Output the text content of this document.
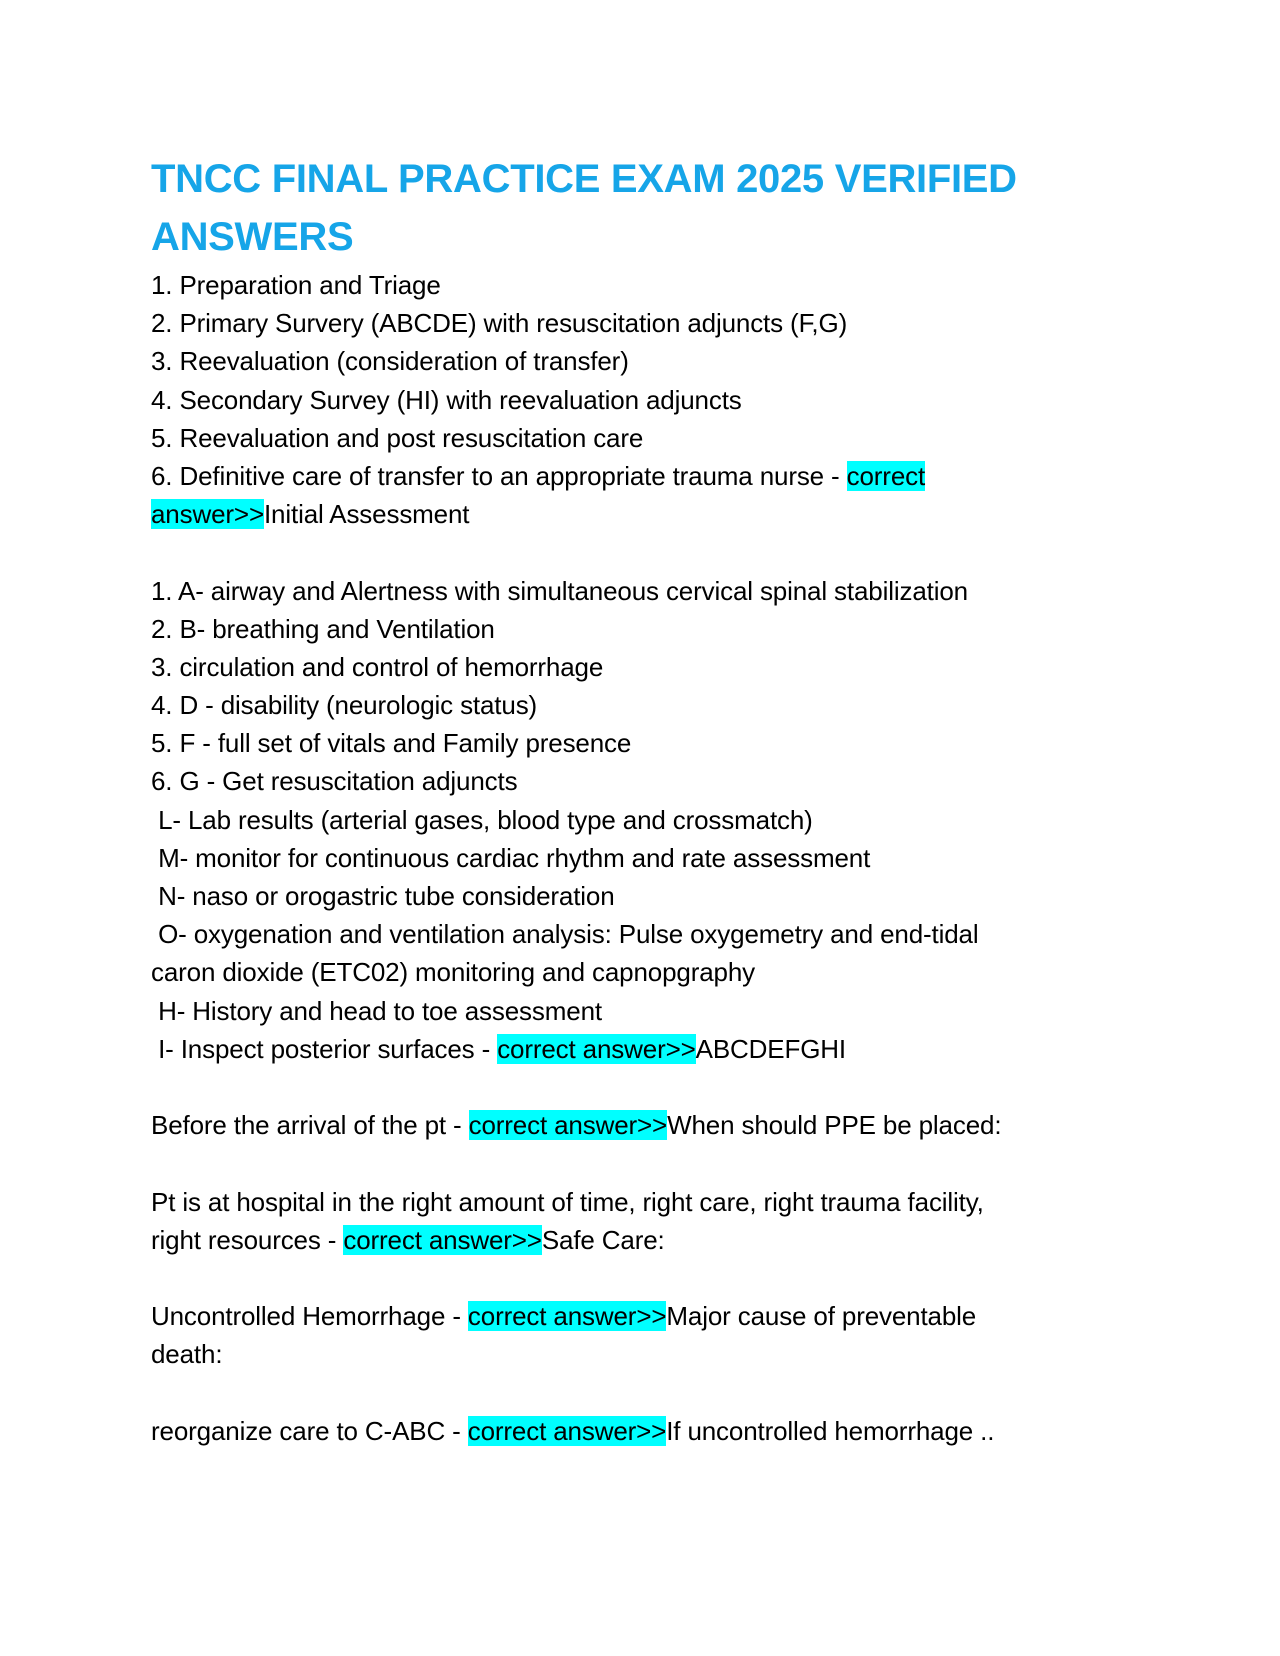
TNCC FINAL PRACTICE EXAM 2025 VERIFIED
ANSWERS
1. Preparation and Triage
2. Primary Survery (ABCDE) with resuscitation adjuncts (F,G)
3. Reevaluation (consideration of transfer)
4. Secondary Survey (HI) with reevaluation adjuncts
5. Reevaluation and post resuscitation care
6. Definitive care of transfer to an appropriate trauma nurse - correct
answer>>Initial Assessment
1. A- airway and Alertness with simultaneous cervical spinal stabilization
2. B- breathing and Ventilation
3. circulation and control of hemorrhage
4. D - disability (neurologic status)
5. F - full set of vitals and Family presence
6. G - Get resuscitation adjuncts
L- Lab results (arterial gases, blood type and crossmatch)
M- monitor for continuous cardiac rhythm and rate assessment
N- naso or orogastric tube consideration
O- oxygenation and ventilation analysis: Pulse oxygemetry and end-tidal
caron dioxide (ETC02) monitoring and capnopgraphy
H- History and head to toe assessment
I- Inspect posterior surfaces - correct answer>>ABCDEFGHI
Before the arrival of the pt - correct answer>>When should PPE be placed:
Pt is at hospital in the right amount of time, right care, right trauma facility,
right resources - correct answer>>Safe Care:
Uncontrolled Hemorrhage - correct answer>>Major cause of preventable
death:
reorganize care to C-ABC - correct answer>>If uncontrolled hemorrhage ..
